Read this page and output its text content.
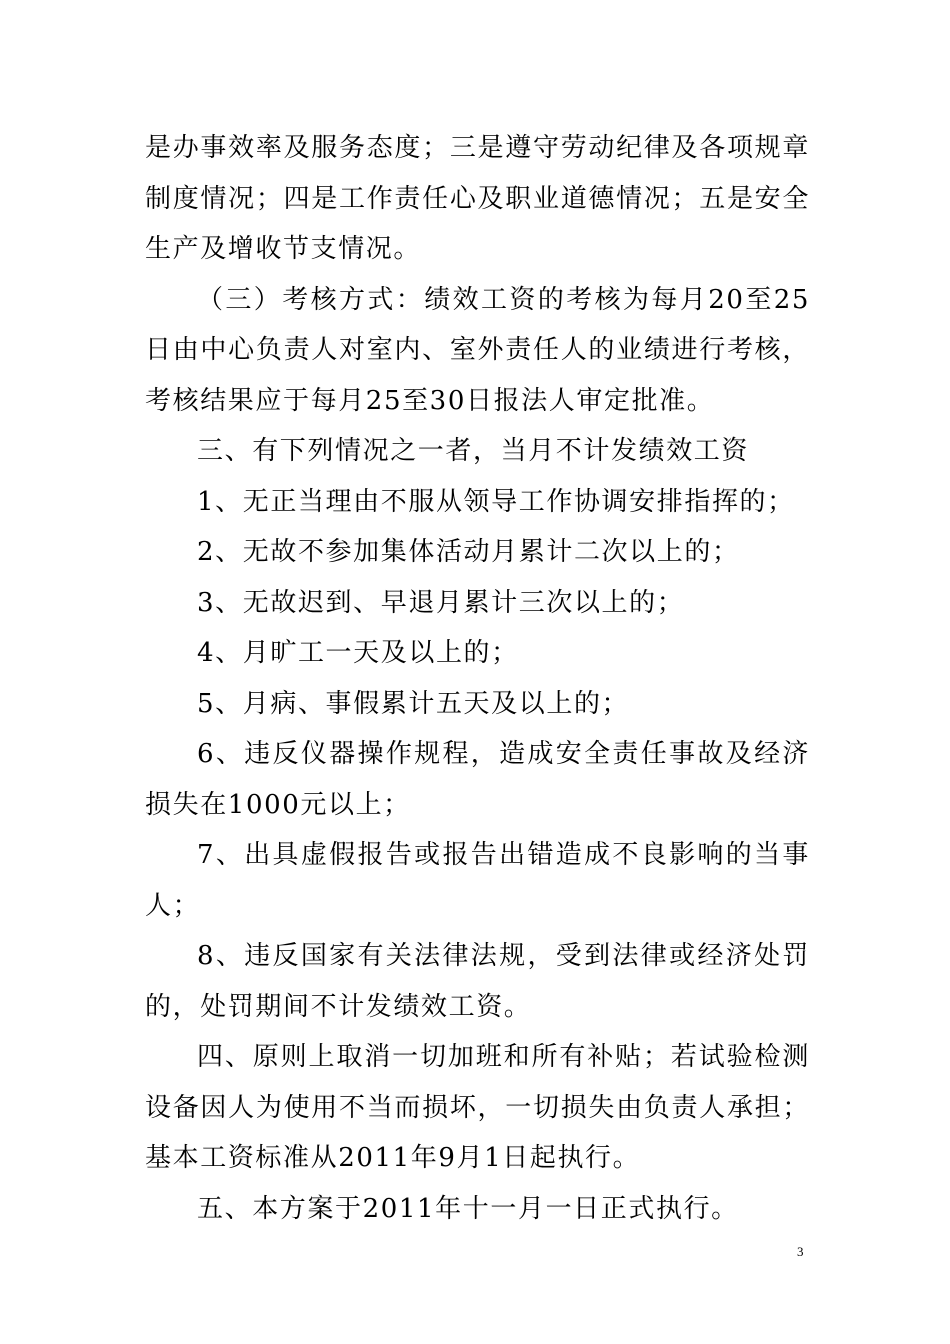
是办事效率及服务态度；三是遵守劳动纪律及各项规章制度情况；四是工作责任心及职业道德情况；五是安全生产及增收节支情况。

（三）考核方式：绩效工资的考核为每月20至25日由中心负责人对室内、室外责任人的业绩进行考核，考核结果应于每月25至30日报法人审定批准。

三、有下列情况之一者，当月不计发绩效工资

1、无正当理由不服从领导工作协调安排指挥的；

2、无故不参加集体活动月累计二次以上的；

3、无故迟到、早退月累计三次以上的；

4、月旷工一天及以上的；

5、月病、事假累计五天及以上的；

6、违反仪器操作规程，造成安全责任事故及经济损失在1000元以上；

7、出具虚假报告或报告出错造成不良影响的当事人；

8、违反国家有关法律法规，受到法律或经济处罚的，处罚期间不计发绩效工资。

四、原则上取消一切加班和所有补贴；若试验检测设备因人为使用不当而损坏，一切损失由负责人承担；基本工资标准从2011年9月1日起执行。

五、本方案于2011年十一月一日正式执行。

3
